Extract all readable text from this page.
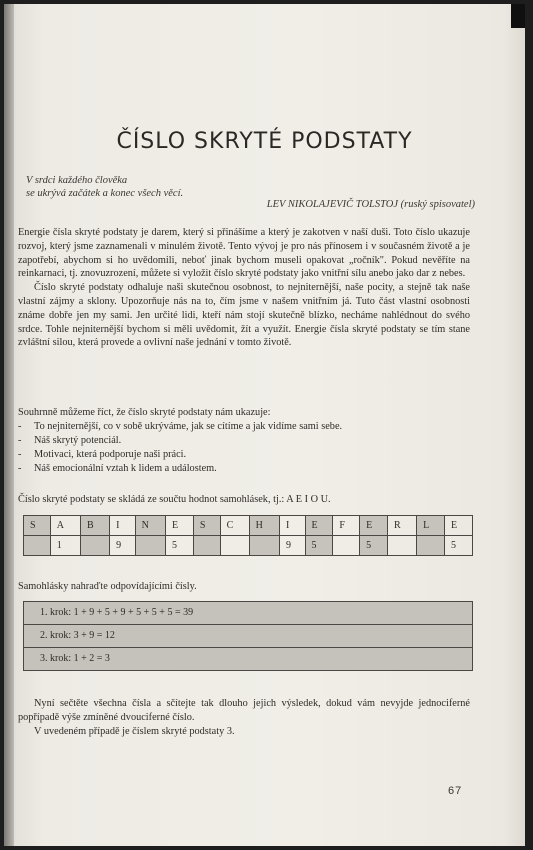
ČÍSLO SKRYTÉ PODSTATY
V srdci každého člověka
se ukrývá začátek a konec všech věcí.
LEV NIKOLAJEVIČ TOLSTOJ (ruský spisovatel)

Energie čísla skryté podstaty je darem, který si přinášíme a který je zakotven v naší duši. Toto číslo ukazuje rozvoj, který jsme zaznamenali v minulém životě. Tento vývoj je pro nás přínosem i v současném životě a je zapotřebí, abychom si ho uvědomili, neboť jinak bychom museli opakovat „ročník". Pokud nevěříte na reinkarnaci, tj. znovuzrození, můžete si vyložit číslo skryté podstaty jako vnitřní sílu anebo jako dar z nebes.

Číslo skryté podstaty odhaluje naši skutečnou osobnost, to nejniternější, naše pocity, a stejně tak naše vlastní zájmy a sklony. Upozorňuje nás na to, čím jsme v našem vnitřním já. Tuto část vlastní osobnosti známe dobře jen my sami. Jen určité lidi, kteří nám stojí skutečně blízko, necháme nahlédnout do svého srdce. Tohle nejniternější bychom si měli uvědomit, žít a využít. Energie čísla skryté podstaty se tím stane zvláštní silou, která provede a ovlivní naše jednání v tomto životě.

Souhrnně můžeme říct, že číslo skryté podstaty nám ukazuje:
-	To nejniternější, co v sobě ukrýváme, jak se cítíme a jak vidíme sami sebe.
-	Náš skrytý potenciál.
-	Motivaci, která podporuje naši práci.
-	Náš emocionální vztah k lidem a událostem.
Číslo skryté podstaty se skládá ze součtu hodnot samohlásek, tj.: A E I O U.
S	A	B	I	N	E	S	C	H	I	E	F	E	R	L	E
	1		9		5				9	5		5			5
Samohlásky nahraďte odpovídajícími čísly.
1. krok: 1 + 9 + 5 + 9 + 5 + 5 + 5 = 39
2. krok: 3 + 9 = 12
3. krok: 1 + 2 = 3

Nyní sečtěte všechna čísla a sčítejte tak dlouho jejich výsledek, dokud vám nevyjde jednociferné popřípadě výše zmíněné dvouciferné číslo.

V uvedeném případě je číslem skryté podstaty 3.

67
